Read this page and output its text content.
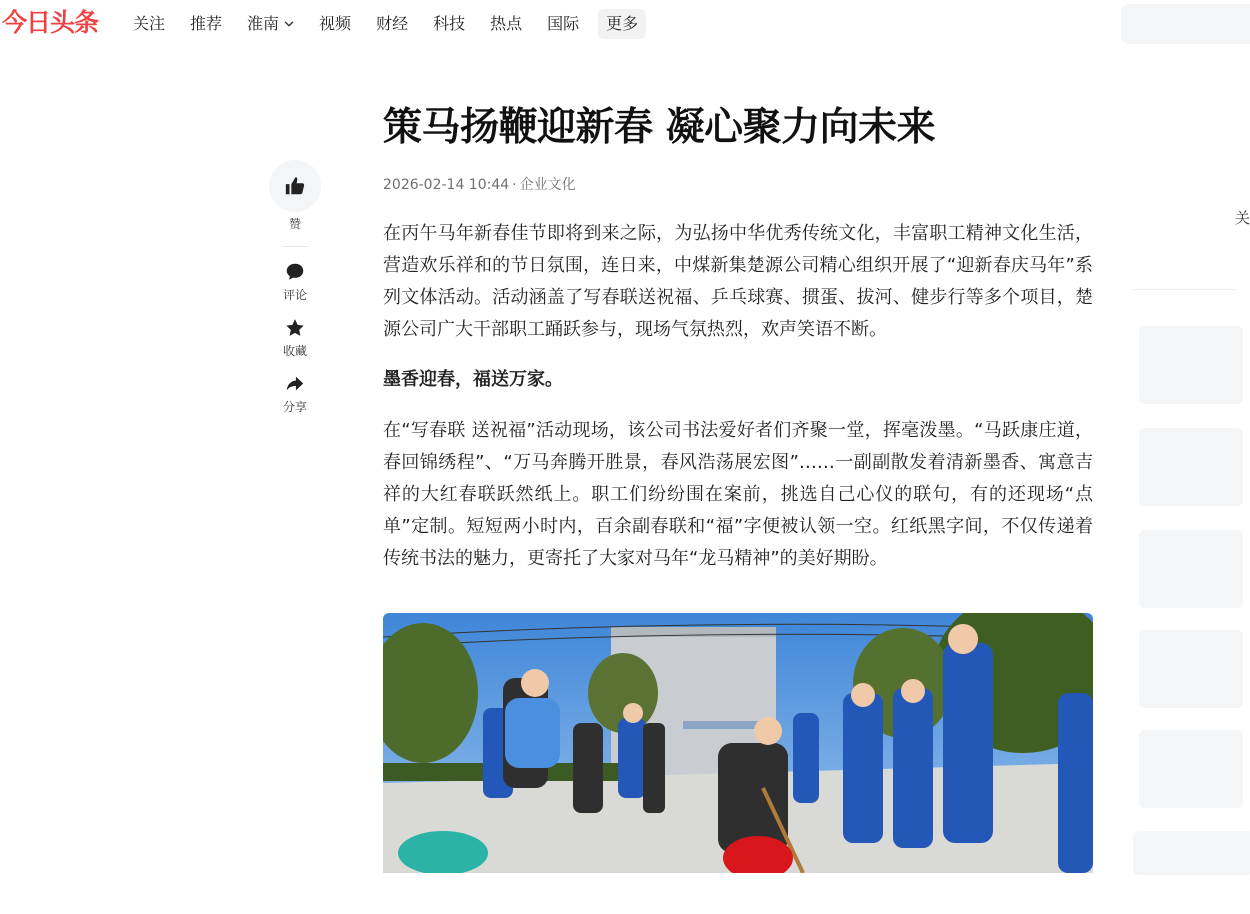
今日头条	关注	推荐	淮南	视频	财经	科技	热点	国际	更多
赞
评论
收藏
分享
策马扬鞭迎新春 凝心聚力向未来
2026-02-14 10:44 · 企业文化

在丙午马年新春佳节即将到来之际，为弘扬中华优秀传统文化，丰富职工精神文化生活，营造欢乐祥和的节日氛围，连日来，中煤新集楚源公司精心组织开展了“迎新春庆马年”系列文体活动。活动涵盖了写春联送祝福、乒乓球赛、掼蛋、拔河、健步行等多个项目，楚源公司广大干部职工踊跃参与，现场气氛热烈，欢声笑语不断。

墨香迎春，福送万家。

在“写春联 送祝福”活动现场，该公司书法爱好者们齐聚一堂，挥毫泼墨。“马跃康庄道，春回锦绣程”、“万马奔腾开胜景，春风浩荡展宏图”……一副副散发着清新墨香、寓意吉祥的大红春联跃然纸上。职工们纷纷围在案前，挑选自己心仪的联句，有的还现场“点单”定制。短短两小时内，百余副春联和“福”字便被认领一空。红纸黑字间，不仅传递着传统书法的魅力，更寄托了大家对马年“龙马精神”的美好期盼。

关
